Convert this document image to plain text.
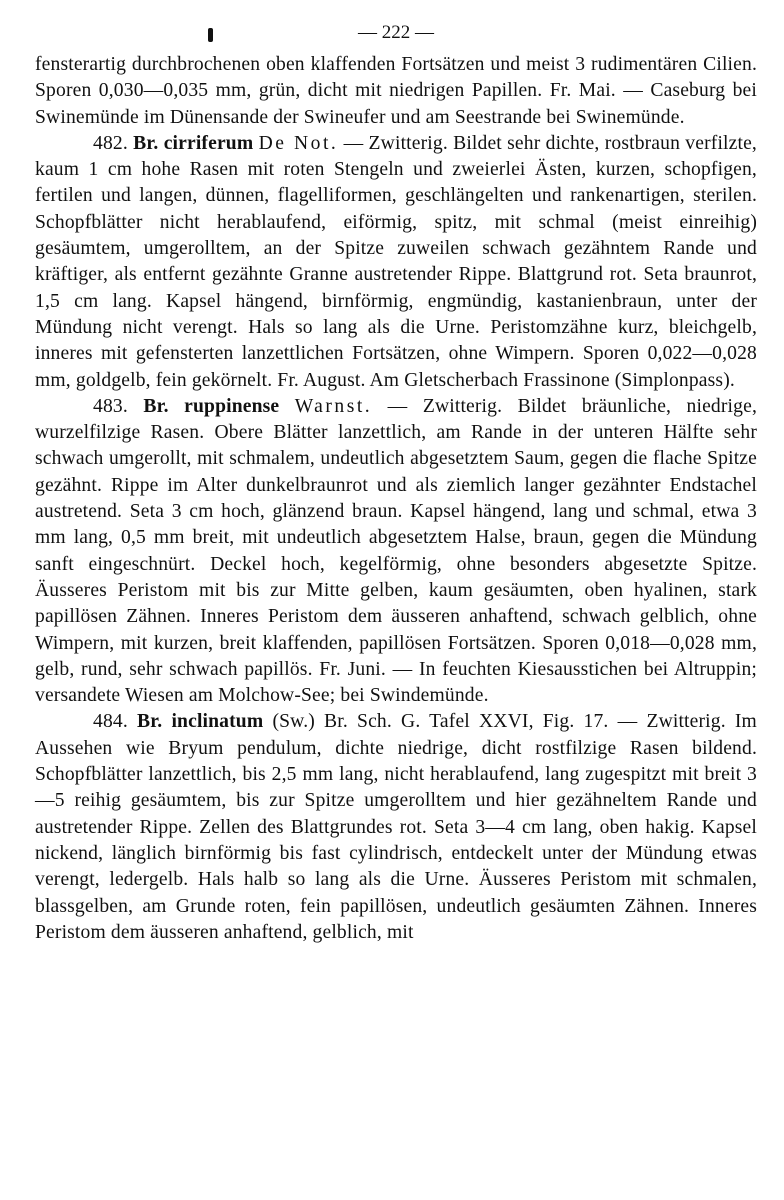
— 222 —

fensterartig durchbrochenen oben klaffenden Fortsätzen und meist 3 rudimentären Cilien. Sporen 0,030—0,035 mm, grün, dicht mit niedrigen Papillen. Fr. Mai. — Caseburg bei Swinemünde im Dünensande der Swineufer und am Seestrande bei Swinemünde.

482. Br. cirriferum De Not. — Zwitterig. Bildet sehr dichte, rostbraun verfilzte, kaum 1 cm hohe Rasen mit roten Stengeln und zweierlei Ästen, kurzen, schopfigen, fertilen und langen, dünnen, flagelliformen, geschlängelten und rankenartigen, sterilen. Schopfblätter nicht herablaufend, eiförmig, spitz, mit schmal (meist einreihig) gesäumtem, umgerolltem, an der Spitze zuweilen schwach gezähntem Rande und kräftiger, als entfernt gezähnte Granne austretender Rippe. Blattgrund rot. Seta braunrot, 1,5 cm lang. Kapsel hängend, birnförmig, engmündig, kastanienbraun, unter der Mündung nicht verengt. Hals so lang als die Urne. Peristomzähne kurz, bleichgelb, inneres mit gefensterten lanzettlichen Fortsätzen, ohne Wimpern. Sporen 0,022—0,028 mm, goldgelb, fein gekörnelt. Fr. August. Am Gletscherbach Frassinone (Simplonpass).

483. Br. ruppinense Warnst. — Zwitterig. Bildet bräunliche, niedrige, wurzelfilzige Rasen. Obere Blätter lanzettlich, am Rande in der unteren Hälfte sehr schwach umgerollt, mit schmalem, undeutlich abgesetztem Saum, gegen die flache Spitze gezähnt. Rippe im Alter dunkelbraunrot und als ziemlich langer gezähnter Endstachel austretend. Seta 3 cm hoch, glänzend braun. Kapsel hängend, lang und schmal, etwa 3 mm lang, 0,5 mm breit, mit undeutlich abgesetztem Halse, braun, gegen die Mündung sanft eingeschnürt. Deckel hoch, kegelförmig, ohne besonders abgesetzte Spitze. Äusseres Peristom mit bis zur Mitte gelben, kaum gesäumten, oben hyalinen, stark papillösen Zähnen. Inneres Peristom dem äusseren anhaftend, schwach gelblich, ohne Wimpern, mit kurzen, breit klaffenden, papillösen Fortsätzen. Sporen 0,018—0,028 mm, gelb, rund, sehr schwach papillös. Fr. Juni. — In feuchten Kiesausstichen bei Altruppin; versandete Wiesen am Molchow-See; bei Swindemünde.

484. Br. inclinatum (Sw.) Br. Sch. G. Tafel XXVI, Fig. 17. — Zwitterig. Im Aussehen wie Bryum pendulum, dichte niedrige, dicht rostfilzige Rasen bildend. Schopfblätter lanzettlich, bis 2,5 mm lang, nicht herablaufend, lang zugespitzt mit breit 3—5 reihig gesäumtem, bis zur Spitze umgerolltem und hier gezähneltem Rande und austretender Rippe. Zellen des Blattgrundes rot. Seta 3—4 cm lang, oben hakig. Kapsel nickend, länglich birnförmig bis fast cylindrisch, entdeckelt unter der Mündung etwas verengt, ledergelb. Hals halb so lang als die Urne. Äusseres Peristom mit schmalen, blassgelben, am Grunde roten, fein papillösen, undeutlich gesäumten Zähnen. Inneres Peristom dem äusseren anhaftend, gelblich, mit
